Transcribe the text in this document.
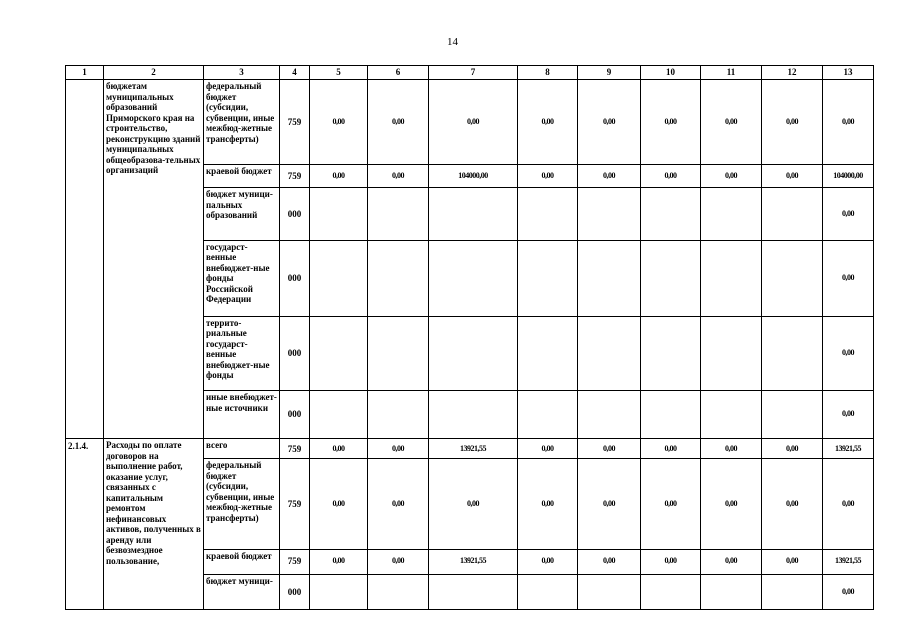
14
1	2	3	4	5	6	7	8	9	10	11	12	13
	бюджетам муниципальных образований Приморского края на строительство, реконструкцию зданий муниципальных общеобразова-тельных организаций	федеральный бюджет (субсидии, субвенции, иные межбюд-жетные трансферты)	759	0,00	0,00	0,00	0,00	0,00	0,00	0,00	0,00	0,00
		краевой бюджет	759	0,00	0,00	104000,00	0,00	0,00	0,00	0,00	0,00	104000,00
		бюджет муници-пальных образований	000									0,00
		государст-венные внебюджет-ные фонды Российской Федерации	000									0,00
		террито-риальные государст-венные внебюджет-ные фонды	000									0,00
		иные внебюджет-ные источники	000									0,00
2.1.4.	Расходы по оплате договоров на выполнение работ, оказание услуг, связанных с капитальным ремонтом нефинансовых активов, полученных в аренду или безвозмездное пользование,	всего	759	0,00	0,00	13921,55	0,00	0,00	0,00	0,00	0,00	13921,55
		федеральный бюджет (субсидии, субвенции, иные межбюд-жетные трансферты)	759	0,00	0,00	0,00	0,00	0,00	0,00	0,00	0,00	0,00
		краевой бюджет	759	0,00	0,00	13921,55	0,00	0,00	0,00	0,00	0,00	13921,55
		бюджет муници-	000									0,00
